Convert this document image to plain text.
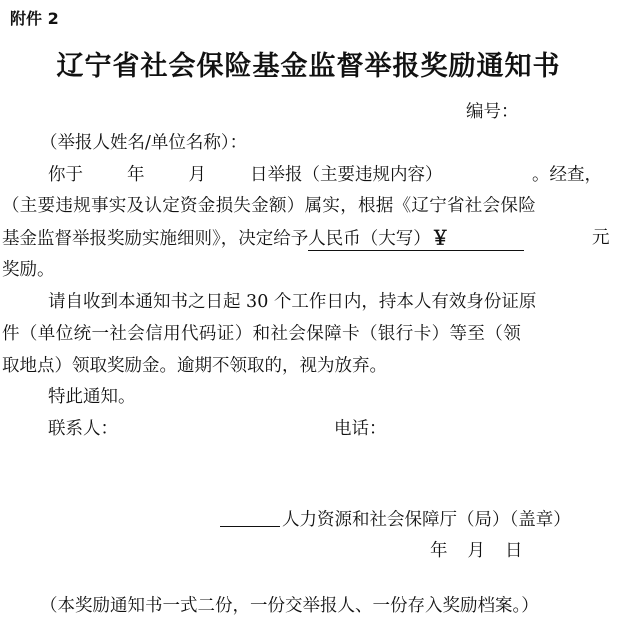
附件 2
辽宁省社会保险基金监督举报奖励通知书
编号：
（举报人姓名/单位名称）：
你于	年	月	日举报（主要违规内容）	。经查，
（主要违规事实及认定资金损失金额）属实，根据《辽宁省社会保险
基金监督举报奖励实施细则》，决定给予人民币（大写）￥	元
奖励。
请自收到本通知书之日起 30 个工作日内，持本人有效身份证原
件（单位统一社会信用代码证）和社会保障卡（银行卡）等至（领
取地点）领取奖励金。逾期不领取的，视为放弃。
特此通知。
联系人：	电话：
人力资源和社会保障厅（局）（盖章）
年 月 日
（本奖励通知书一式二份，一份交举报人、一份存入奖励档案。）
